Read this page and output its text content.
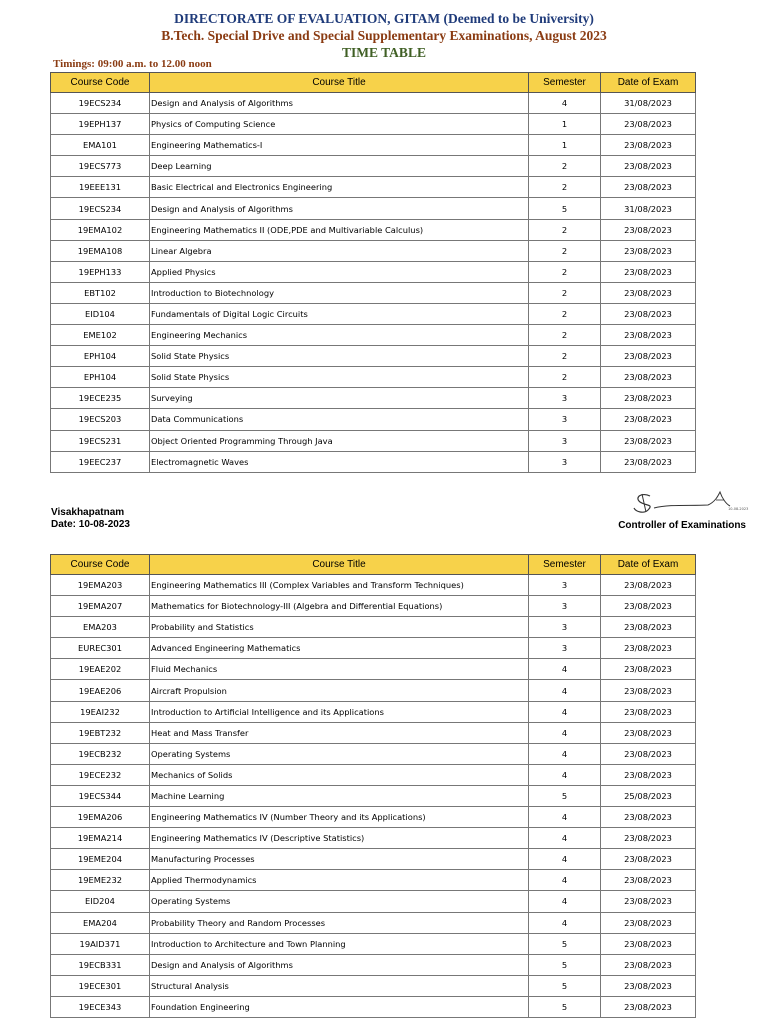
DIRECTORATE OF EVALUATION, GITAM (Deemed to be University)
B.Tech. Special Drive and Special Supplementary Examinations, August 2023
TIME TABLE
Timings: 09:00 a.m. to 12.00 noon
Course Code	Course Title	Semester	Date of Exam
19ECS234	Design and Analysis of Algorithms	4	31/08/2023
19EPH137	Physics of Computing Science	1	23/08/2023
EMA101	Engineering Mathematics-I	1	23/08/2023
19ECS773	Deep Learning	2	23/08/2023
19EEE131	Basic Electrical and Electronics Engineering	2	23/08/2023
19ECS234	Design and Analysis of Algorithms	5	31/08/2023
19EMA102	Engineering Mathematics II (ODE,PDE and Multivariable Calculus)	2	23/08/2023
19EMA108	Linear Algebra	2	23/08/2023
19EPH133	Applied Physics	2	23/08/2023
EBT102	Introduction to Biotechnology	2	23/08/2023
EID104	Fundamentals of Digital Logic Circuits	2	23/08/2023
EME102	Engineering Mechanics	2	23/08/2023
EPH104	Solid State Physics	2	23/08/2023
EPH104	Solid State Physics	2	23/08/2023
19ECE235	Surveying	3	23/08/2023
19ECS203	Data Communications	3	23/08/2023
19ECS231	Object Oriented Programming Through Java	3	23/08/2023
19EEC237	Electromagnetic Waves	3	23/08/2023
Visakhapatnam
Date: 10-08-2023
10-08-2023
Controller of Examinations
Course Code	Course Title	Semester	Date of Exam
19EMA203	Engineering Mathematics III (Complex Variables and Transform Techniques)	3	23/08/2023
19EMA207	Mathematics for Biotechnology-III (Algebra and Differential Equations)	3	23/08/2023
EMA203	Probability and Statistics	3	23/08/2023
EUREC301	Advanced Engineering Mathematics	3	23/08/2023
19EAE202	Fluid Mechanics	4	23/08/2023
19EAE206	Aircraft Propulsion	4	23/08/2023
19EAI232	Introduction to Artificial Intelligence and its Applications	4	23/08/2023
19EBT232	Heat and Mass Transfer	4	23/08/2023
19ECB232	Operating Systems	4	23/08/2023
19ECE232	Mechanics of Solids	4	23/08/2023
19ECS344	Machine Learning	5	25/08/2023
19EMA206	Engineering Mathematics IV (Number Theory and its Applications)	4	23/08/2023
19EMA214	Engineering Mathematics IV (Descriptive Statistics)	4	23/08/2023
19EME204	Manufacturing Processes	4	23/08/2023
19EME232	Applied Thermodynamics	4	23/08/2023
EID204	Operating Systems	4	23/08/2023
EMA204	Probability Theory and Random Processes	4	23/08/2023
19AID371	Introduction to Architecture and Town Planning	5	23/08/2023
19ECB331	Design and Analysis of Algorithms	5	23/08/2023
19ECE301	Structural Analysis	5	23/08/2023
19ECE343	Foundation Engineering	5	23/08/2023
